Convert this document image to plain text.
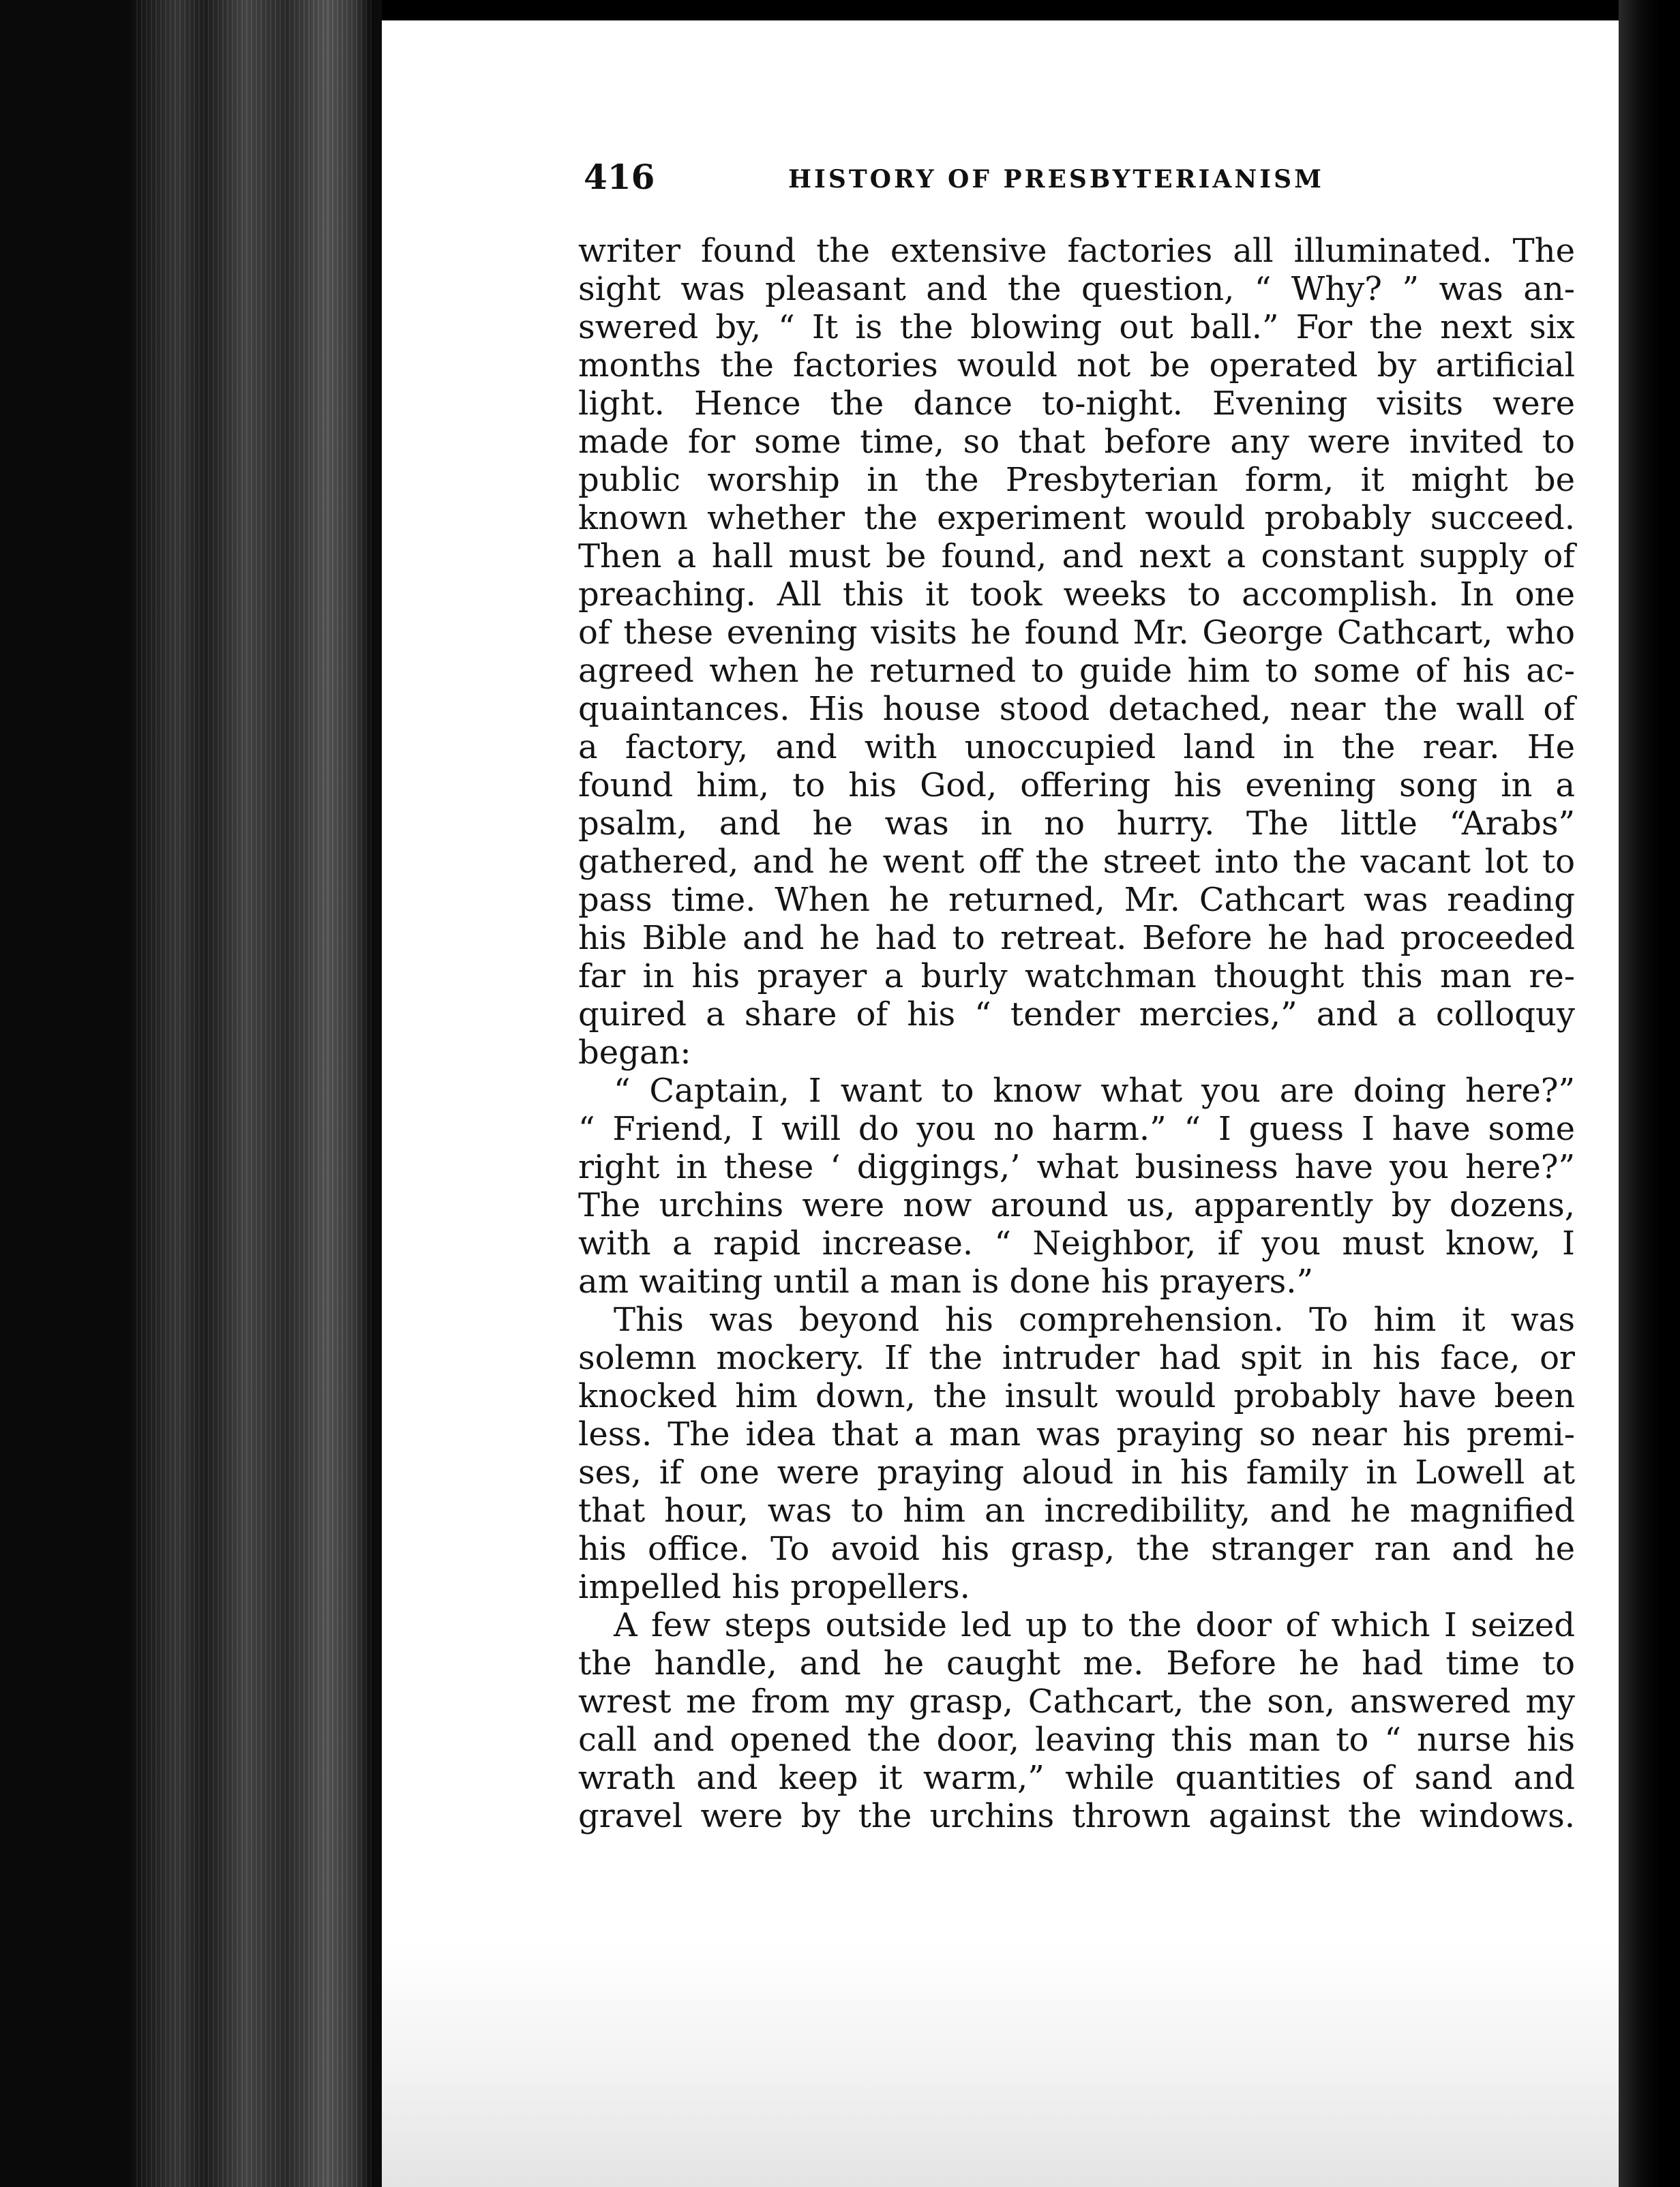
416	HISTORY OF PRESBYTERIANISM
writer found the extensive factories all illuminated. The
sight was pleasant and the question, “ Why? ” was an-
swered by, “ It is the blowing out ball.” For the next six
months the factories would not be operated by artificial
light. Hence the dance to-night. Evening visits were
made for some time, so that before any were invited to
public worship in the Presbyterian form, it might be
known whether the experiment would probably succeed.
Then a hall must be found, and next a constant supply of
preaching. All this it took weeks to accomplish. In one
of these evening visits he found Mr. George Cathcart, who
agreed when he returned to guide him to some of his ac-
quaintances. His house stood detached, near the wall of
a factory, and with unoccupied land in the rear. He
found him, to his God, offering his evening song in a
psalm, and he was in no hurry. The little “Arabs”
gathered, and he went off the street into the vacant lot to
pass time. When he returned, Mr. Cathcart was reading
his Bible and he had to retreat. Before he had proceeded
far in his prayer a burly watchman thought this man re-
quired a share of his “ tender mercies,” and a colloquy
began:
“ Captain, I want to know what you are doing here?”
“ Friend, I will do you no harm.” “ I guess I have some
right in these ‘ diggings,’ what business have you here?”
The urchins were now around us, apparently by dozens,
with a rapid increase. “ Neighbor, if you must know, I
am waiting until a man is done his prayers.”
This was beyond his comprehension. To him it was
solemn mockery. If the intruder had spit in his face, or
knocked him down, the insult would probably have been
less. The idea that a man was praying so near his premi-
ses, if one were praying aloud in his family in Lowell at
that hour, was to him an incredibility, and he magnified
his office. To avoid his grasp, the stranger ran and he
impelled his propellers.
A few steps outside led up to the door of which I seized
the handle, and he caught me. Before he had time to
wrest me from my grasp, Cathcart, the son, answered my
call and opened the door, leaving this man to “ nurse his
wrath and keep it warm,” while quantities of sand and
gravel were by the urchins thrown against the windows.
